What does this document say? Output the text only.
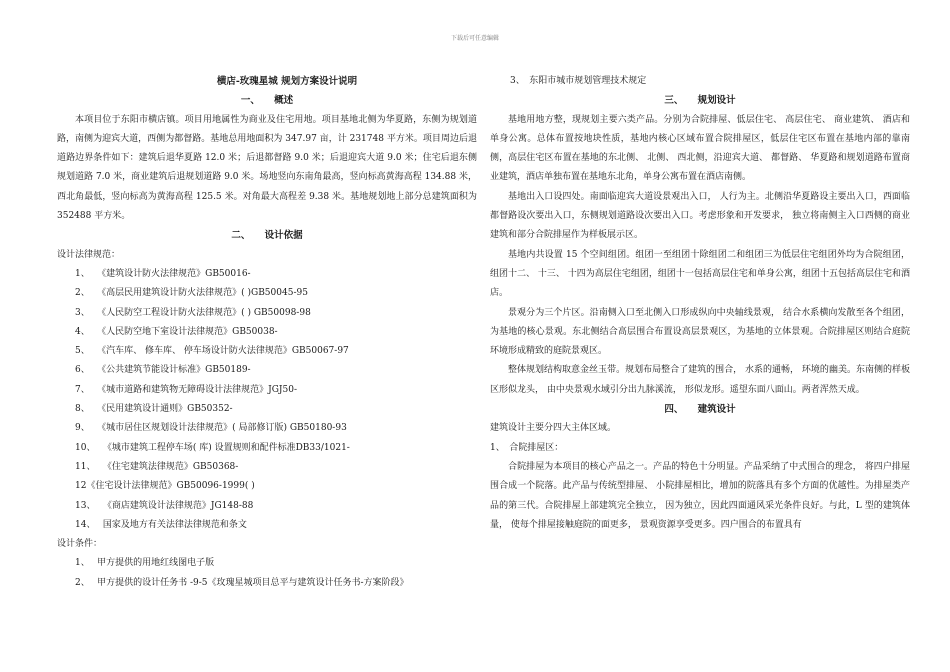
下载后可任意编辑
横店-玫瑰星城 规划方案设计说明
一、　　概述

本项目位于东阳市横店镇。项目用地属性为商业及住宅用地。项目基地北侧为华夏路，东侧为规划道路，南侧为迎宾大道，西侧为都督路。基地总用地面积为 347.97 亩，计 231748 平方米。项目周边后退道路边界条件如下：建筑后退华夏路 12.0 米；后退都督路 9.0 米；后退迎宾大道 9.0 米；住宅后退东侧规划道路 7.0 米，商业建筑后退规划道路 9.0 米。场地竖向东南角最高，竖向标高黄海高程 134.88 米，西北角最低，竖向标高为黄海高程 125.5 米。对角最大高程差 9.38 米。基地规划地上部分总建筑面积为 352488 平方米。

二、　　设计依据
设计法律规范：
1、　 《建筑设计防火法律规范》GB50016-
2、　 《高层民用建筑设计防火法律规范》( )GB50045-95
3、　 《人民防空工程设计防火法律规范》( ) GB50098-98
4、　 《人民防空地下室设计法律规范》GB50038-
5、　 《汽车库、 修车库、 停车场设计防火法律规范》GB50067-97
6、　 《公共建筑节能设计标准》GB50189-
7、　 《城市道路和建筑物无障碍设计法律规范》JGJ50-
8、　 《民用建筑设计通则》GB50352-
9、　 《城市居住区规划设计法律规范》( 局部修订版) GB50180-93
10、　 《城市建筑工程停车场( 库) 设置规则和配件标准DB33/1021-
11、　 《住宅建筑法律规范》GB50368-
12《住宅设计法律规范》GB50096-1999( )
13、　 《商店建筑设计法律规范》JG148-88
14、　 国家及地方有关法律法律规范和条文
设计条件：
1、　 甲方提供的用地红线图电子版
2、　 甲方提供的设计任务书 -9-5《玫瑰星城项目总平与建筑设计任务书-方案阶段》
3、　东阳市城市规划管理技术规定
三、　　规划设计

基地用地方整，现规划主要六类产品。分别为合院排屋、低层住宅、 高层住宅、 商业建筑、 酒店和单身公寓。总体布置按地块性质，基地内核心区域布置合院排屋区，低层住宅区布置在基地内部的靠南侧，高层住宅区布置在基地的东北侧、 北侧、 西北侧，沿迎宾大道、 都督路、 华夏路和规划道路布置商业建筑，酒店单独布置在基地东北角，单身公寓布置在酒店南侧。

基地出入口设四处。南面临迎宾大道设景观出入口， 人行为主。北侧沿华夏路设主要出入口，西面临都督路设次要出入口，东侧规划道路设次要出入口。考虑形象和开发要求， 独立将南侧主入口西侧的商业建筑和部分合院排屋作为样板展示区。

基地内共设置 15 个空间组团。组团一至组团十除组团二和组团三为低层住宅组团外均为合院组团，组团十二、 十三、 十四为高层住宅组团，组团十一包括高层住宅和单身公寓，组团十五包括高层住宅和酒店。

景观分为三个片区。沿南侧入口至北侧入口形成纵向中央轴线景观， 结合水系横向发散至各个组团，为基地的核心景观。东北侧结合高层围合布置设高层景观区，为基地的立体景观。合院排屋区则结合庭院环境形成精致的庭院景观区。

整体规划结构取意金丝玉带。规划布局整合了建筑的围合， 水系的通畅， 环境的幽美。东南侧的样板区形似龙头， 由中央景观水域引分出九脉溪流， 形似龙形。遥望东面八面山。两者浑然天成。

四、　　建筑设计
建筑设计主要分四大主体区域。
1、　合院排屋区：

合院排屋为本项目的核心产品之一。产品的特色十分明显。产品采纳了中式围合的理念， 将四户排屋围合成一个院落。此产品与传统型排屋、 小院排屋相比，增加的院落具有多个方面的优越性。为排屋类产品的第三代。合院排屋上部建筑完全独立， 因为独立，因此四面通风采光条件良好。与此，L 型的建筑体量， 使每个排屋接触庭院的面更多， 景观资源享受更多。四户围合的布置具有
